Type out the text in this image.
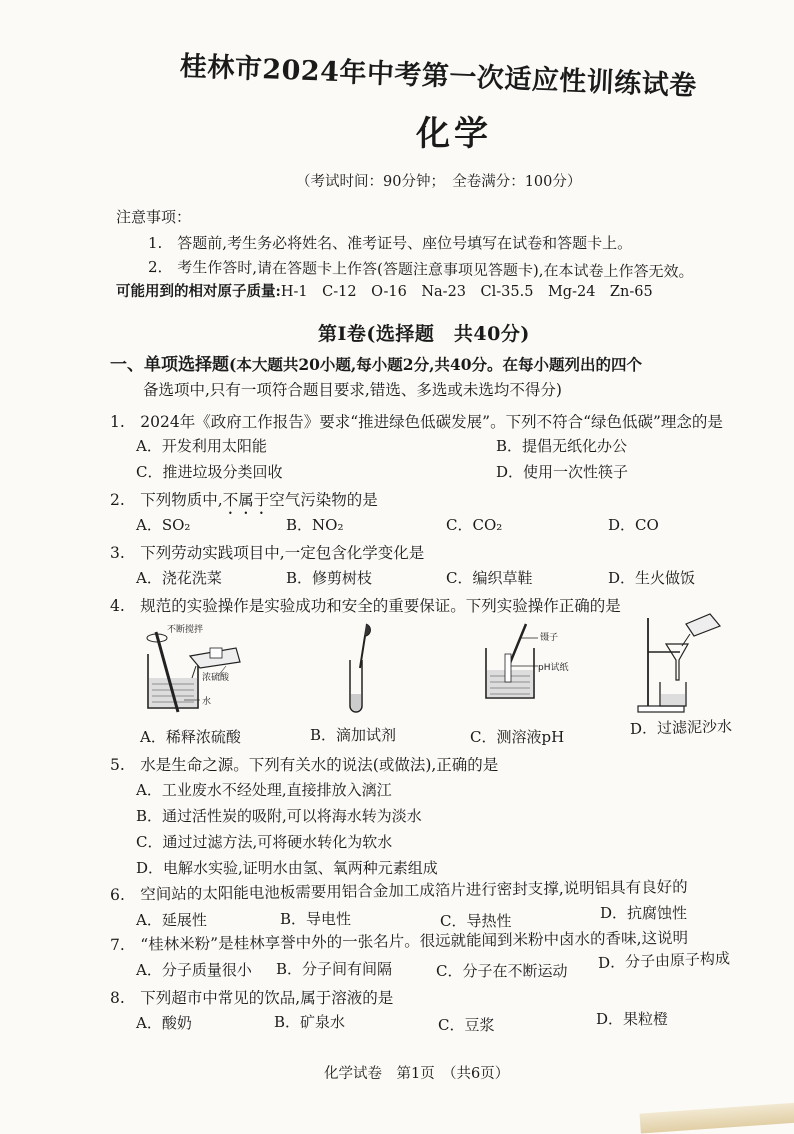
桂林市2024年中考第一次适应性训练试卷
化学
（考试时间：90分钟；　全卷满分：100分）
注意事项：
1.　答题前,考生务必将姓名、准考证号、座位号填写在试卷和答题卡上。
2.　考生作答时,请在答题卡上作答(答题注意事项见答题卡),在本试卷上作答无效。
可能用到的相对原子质量:H-1　C-12　O-16　Na-23　Cl-35.5　Mg-24　Zn-65
第Ⅰ卷(选择题　共40分)
一、单项选择题(本大题共20小题,每小题2分,共40分。在每小题列出的四个
备选项中,只有一项符合题目要求,错选、多选或未选均不得分)
1.　2024年《政府工作报告》要求“推进绿色低碳发展”。下列不符合“绿色低碳”理念的是
A．开发利用太阳能	B．提倡无纸化办公
C．推进垃圾分类回收	D．使用一次性筷子
2.　下列物质中,不属于空气污染物的是
A．SO₂	B．NO₂	C．CO₂	D．CO
3.　下列劳动实践项目中,一定包含化学变化是
A．浇花洗菜	B．修剪树枝	C．编织草鞋	D．生火做饭
4.　规范的实验操作是实验成功和安全的重要保证。下列实验操作正确的是
不断搅拌
浓硫酸
水
镊子
pH试纸
A．稀释浓硫酸	B．滴加试剂	C．测溶液pH	D．过滤泥沙水
5.　水是生命之源。下列有关水的说法(或做法),正确的是
A．工业废水不经处理,直接排放入漓江
B．通过活性炭的吸附,可以将海水转为淡水
C．通过过滤方法,可将硬水转化为软水
D．电解水实验,证明水由氢、氧两种元素组成
6.　空间站的太阳能电池板需要用铝合金加工成箔片进行密封支撑,说明铝具有良好的
A．延展性	B．导电性	C．导热性	D．抗腐蚀性
7.　“桂林米粉”是桂林享誉中外的一张名片。很远就能闻到米粉中卤水的香味,这说明
A．分子质量很小 B．分子间有间隔	C．分子在不断运动 D．分子由原子构成
8.　下列超市中常见的饮品,属于溶液的是
A．酸奶	B．矿泉水	C．豆浆	D．果粒橙
化学试卷　第1页　（共6页）
